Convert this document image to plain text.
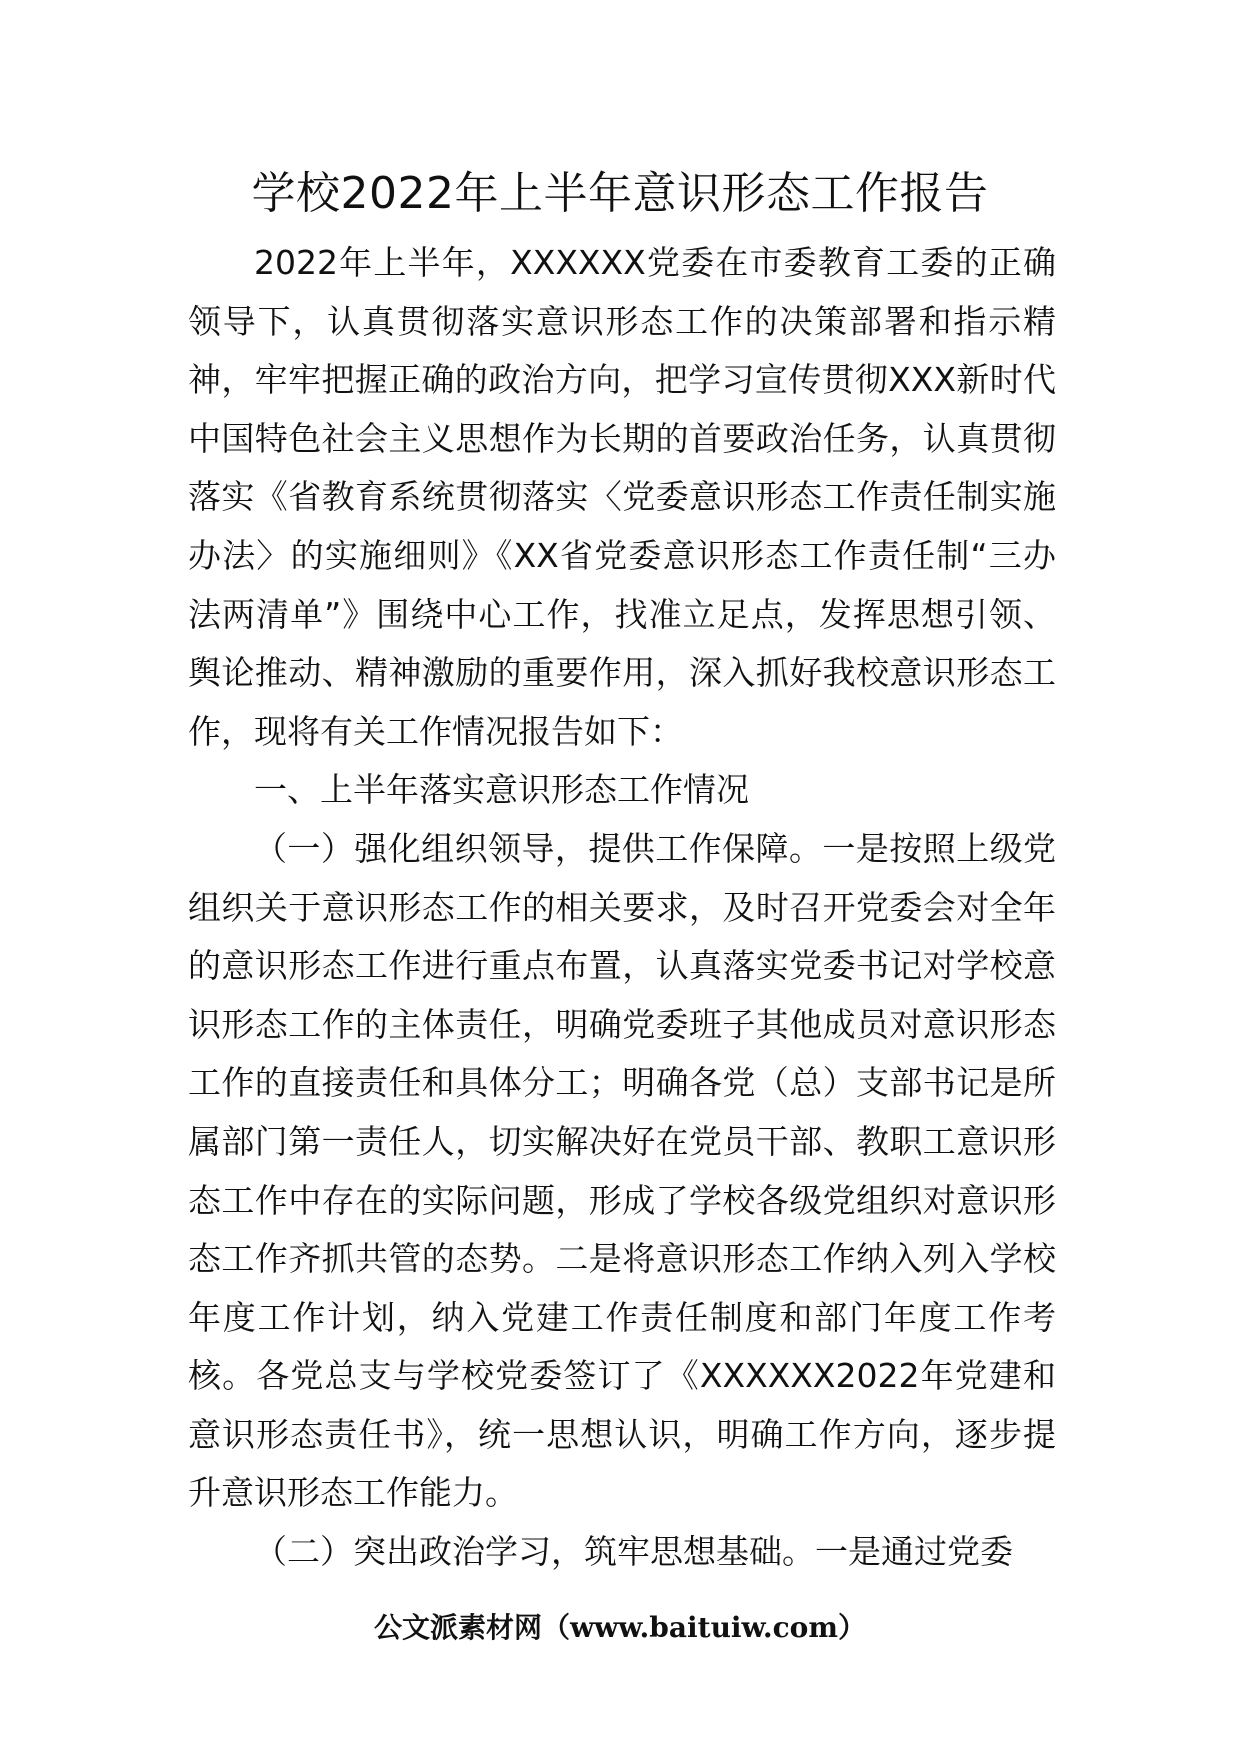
学校2022年上半年意识形态工作报告

2022年上半年，XXXXXX党委在市委教育工委的正确领导下，认真贯彻落实意识形态工作的决策部署和指示精神，牢牢把握正确的政治方向，把学习宣传贯彻XXX新时代中国特色社会主义思想作为长期的首要政治任务，认真贯彻落实《省教育系统贯彻落实〈党委意识形态工作责任制实施办法〉的实施细则》《XX省党委意识形态工作责任制“三办法两清单”》围绕中心工作，找准立足点，发挥思想引领、舆论推动、精神激励的重要作用，深入抓好我校意识形态工作，现将有关工作情况报告如下：

一、上半年落实意识形态工作情况

（一）强化组织领导，提供工作保障。一是按照上级党组织关于意识形态工作的相关要求，及时召开党委会对全年的意识形态工作进行重点布置，认真落实党委书记对学校意识形态工作的主体责任，明确党委班子其他成员对意识形态工作的直接责任和具体分工；明确各党（总）支部书记是所属部门第一责任人，切实解决好在党员干部、教职工意识形态工作中存在的实际问题，形成了学校各级党组织对意识形态工作齐抓共管的态势。二是将意识形态工作纳入列入学校年度工作计划，纳入党建工作责任制度和部门年度工作考核。各党总支与学校党委签订了《XXXXXX2022年党建和意识形态责任书》，统一思想认识，明确工作方向，逐步提升意识形态工作能力。

（二）突出政治学习，筑牢思想基础。一是通过党委

公文派素材网（www.baituiw.com）
